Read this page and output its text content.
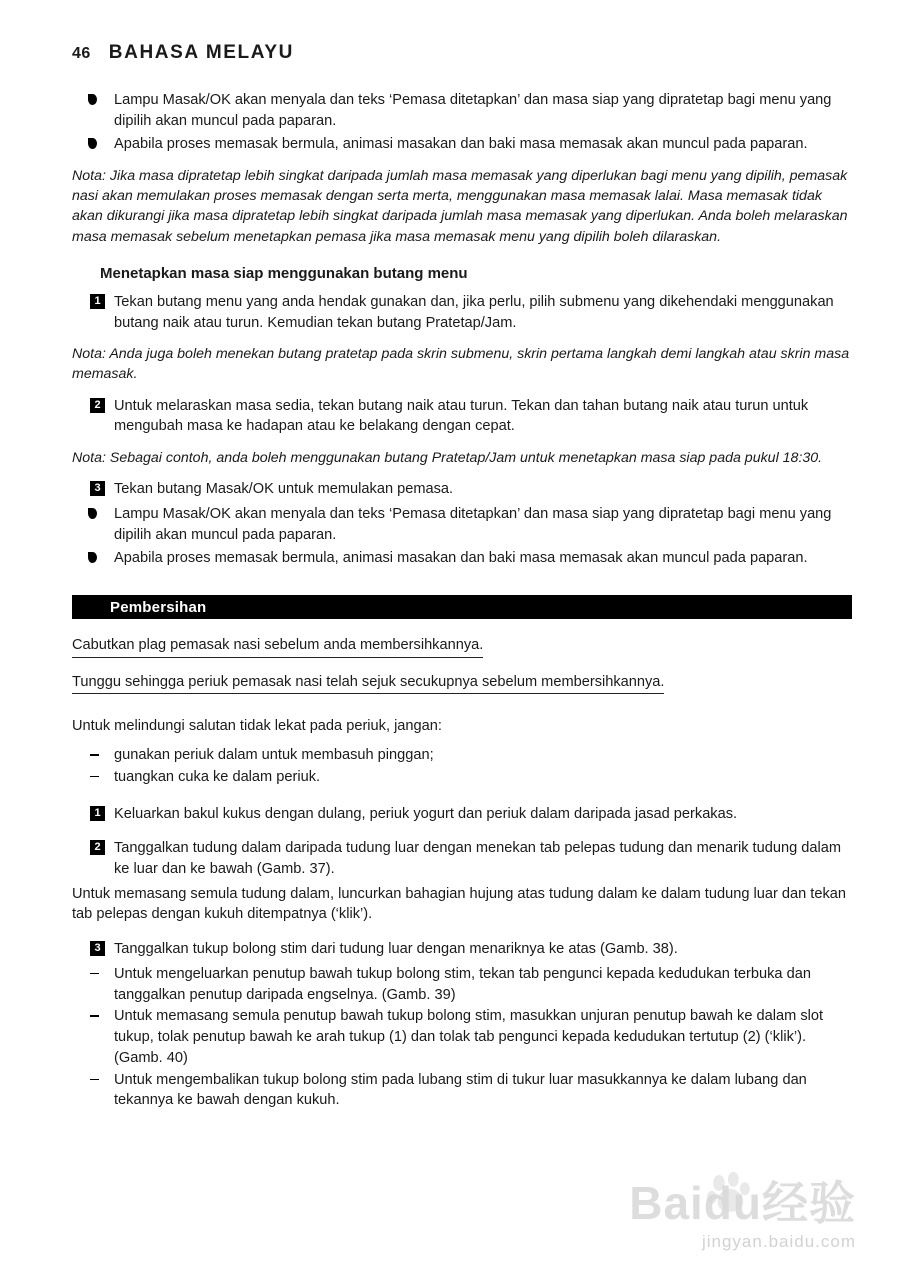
46 BAHASA MELAYU
Lampu Masak/OK akan menyala dan teks ‘Pemasa ditetapkan’ dan masa siap yang dipratetap bagi menu yang dipilih akan muncul pada paparan.
Apabila proses memasak bermula, animasi masakan dan baki masa memasak akan muncul pada paparan.

Nota: Jika masa dipratetap lebih singkat daripada jumlah masa memasak yang diperlukan bagi menu yang dipilih, pemasak nasi akan memulakan proses memasak dengan serta merta, menggunakan masa memasak lalai. Masa memasak tidak akan dikurangi jika masa dipratetap lebih singkat daripada jumlah masa memasak yang diperlukan. Anda boleh melaraskan masa memasak sebelum menetapkan pemasa jika masa memasak menu yang dipilih boleh dilaraskan.

Menetapkan masa siap menggunakan butang menu
1 Tekan butang menu yang anda hendak gunakan dan, jika perlu, pilih submenu yang dikehendaki menggunakan butang naik atau turun. Kemudian tekan butang Pratetap/Jam.

Nota: Anda juga boleh menekan butang pratetap pada skrin submenu, skrin pertama langkah demi langkah atau skrin masa memasak.

2 Untuk melaraskan masa sedia, tekan butang naik atau turun. Tekan dan tahan butang naik atau turun untuk mengubah masa ke hadapan atau ke belakang dengan cepat.

Nota: Sebagai contoh, anda boleh menggunakan butang Pratetap/Jam untuk menetapkan masa siap pada pukul 18:30.

3 Tekan butang Masak/OK untuk memulakan pemasa.
Lampu Masak/OK akan menyala dan teks ‘Pemasa ditetapkan’ dan masa siap yang dipratetap bagi menu yang dipilih akan muncul pada paparan.
Apabila proses memasak bermula, animasi masakan dan baki masa memasak akan muncul pada paparan.
Pembersihan
Cabutkan plag pemasak nasi sebelum anda membersihkannya.
Tunggu sehingga periuk pemasak nasi telah sejuk secukupnya sebelum membersihkannya.

Untuk melindungi salutan tidak lekat pada periuk, jangan:

gunakan periuk dalam untuk membasuh pinggan;
tuangkan cuka ke dalam periuk.
1 Keluarkan bakul kukus dengan dulang, periuk yogurt dan periuk dalam daripada jasad perkakas.
2 Tanggalkan tudung dalam daripada tudung luar dengan menekan tab pelepas tudung dan menarik tudung dalam ke luar dan ke bawah (Gamb. 37).

Untuk memasang semula tudung dalam, luncurkan bahagian hujung atas tudung dalam ke dalam tudung luar dan tekan tab pelepas dengan kukuh ditempatnya (‘klik’).

3 Tanggalkan tukup bolong stim dari tudung luar dengan menariknya ke atas (Gamb. 38).
Untuk mengeluarkan penutup bawah tukup bolong stim, tekan tab pengunci kepada kedudukan terbuka dan tanggalkan penutup daripada engselnya. (Gamb. 39)
Untuk memasang semula penutup bawah tukup bolong stim, masukkan unjuran penutup bawah ke dalam slot tukup, tolak penutup bawah ke arah tukup (1) dan tolak tab pengunci kepada kedudukan tertutup (2) (‘klik’). (Gamb. 40)
Untuk mengembalikan tukup bolong stim pada lubang stim di tukur luar masukkannya ke dalam lubang dan tekannya ke bawah dengan kukuh.
Baidu经验
jingyan.baidu.com
